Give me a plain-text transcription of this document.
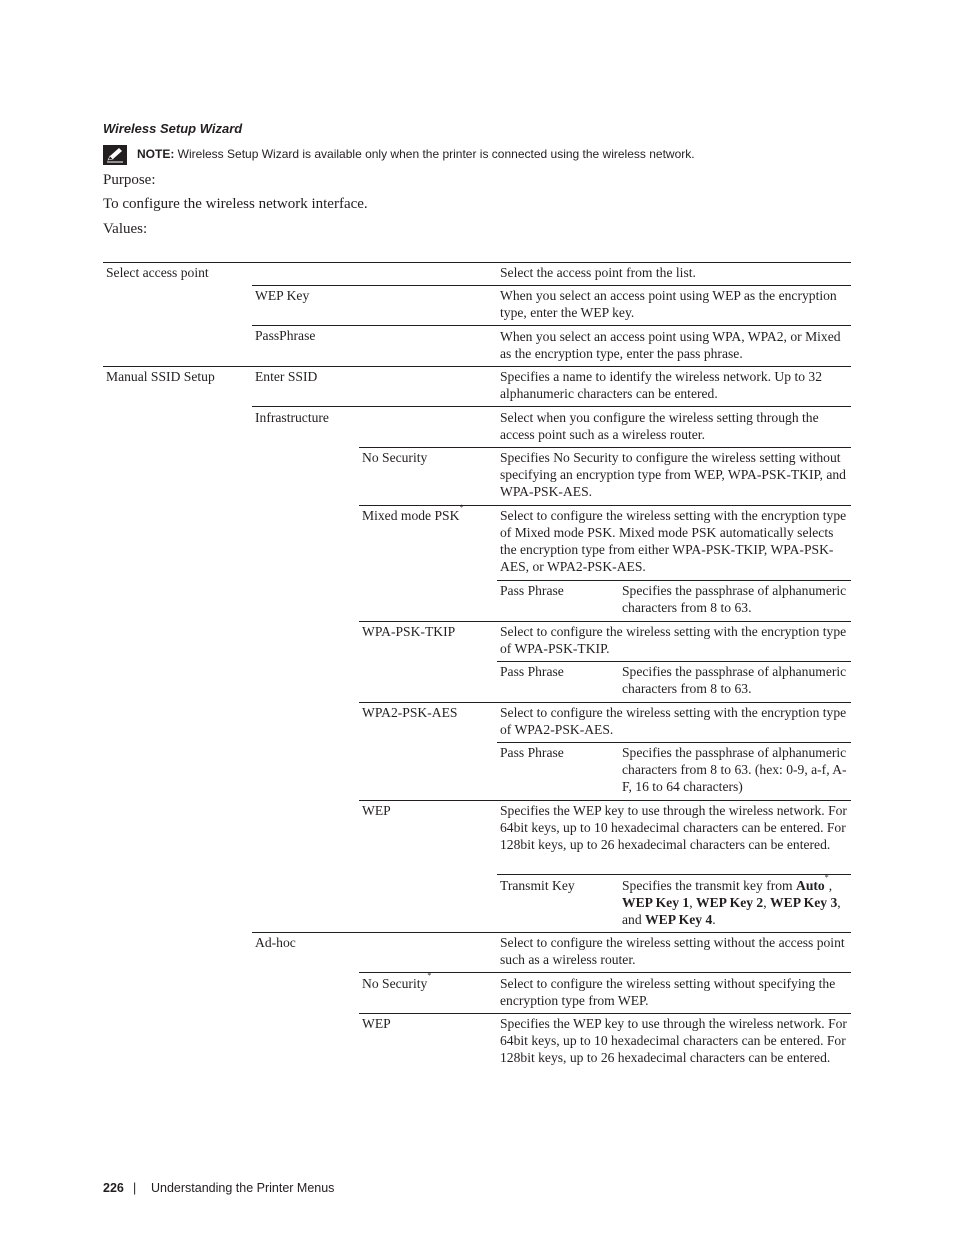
Wireless Setup Wizard
NOTE: Wireless Setup Wizard is available only when the printer is connected using the wireless network.
Purpose:
To configure the wireless network interface.
Values:
Select access point
Manual SSID Setup
WEP Key
PassPhrase
Enter SSID
Infrastructure
Ad-hoc
No Security
Mixed mode PSK*
WPA-PSK-TKIP
WPA2-PSK-AES
WEP
No Security*
WEP
Pass Phrase
Pass Phrase
Pass Phrase
Transmit Key
Select the access point from the list.
When you select an access point using WEP as the encryption type, enter the WEP key.
When you select an access point using WPA, WPA2, or Mixed as the encryption type, enter the pass phrase.
Specifies a name to identify the wireless network. Up to 32 alphanumeric characters can be entered.
Select when you configure the wireless setting through the access point such as a wireless router.
Specifies No Security to configure the wireless setting without specifying an encryption type from WEP, WPA-PSK-TKIP, and WPA-PSK-AES.
Select to configure the wireless setting with the encryption type of Mixed mode PSK. Mixed mode PSK automatically selects the encryption type from either WPA-PSK-TKIP, WPA-PSK-AES, or WPA2-PSK-AES.
Specifies the passphrase of alphanumeric characters from 8 to 63.
Select to configure the wireless setting with the encryption type of WPA-PSK-TKIP.
Specifies the passphrase of alphanumeric characters from 8 to 63.
Select to configure the wireless setting with the encryption type of WPA2-PSK-AES.
Specifies the passphrase of alphanumeric characters from 8 to 63. (hex: 0-9, a-f, A-F, 16 to 64 characters)
Specifies the WEP key to use through the wireless network. For 64bit keys, up to 10 hexadecimal characters can be entered. For 128bit keys, up to 26 hexadecimal characters can be entered.
Specifies the transmit key from Auto*, WEP Key 1, WEP Key 2, WEP Key 3, and WEP Key 4.
Select to configure the wireless setting without the access point such as a wireless router.
Select to configure the wireless setting without specifying the encryption type from WEP.
Specifies the WEP key to use through the wireless network. For 64bit keys, up to 10 hexadecimal characters can be entered. For 128bit keys, up to 26 hexadecimal characters can be entered.
226 | Understanding the Printer Menus
